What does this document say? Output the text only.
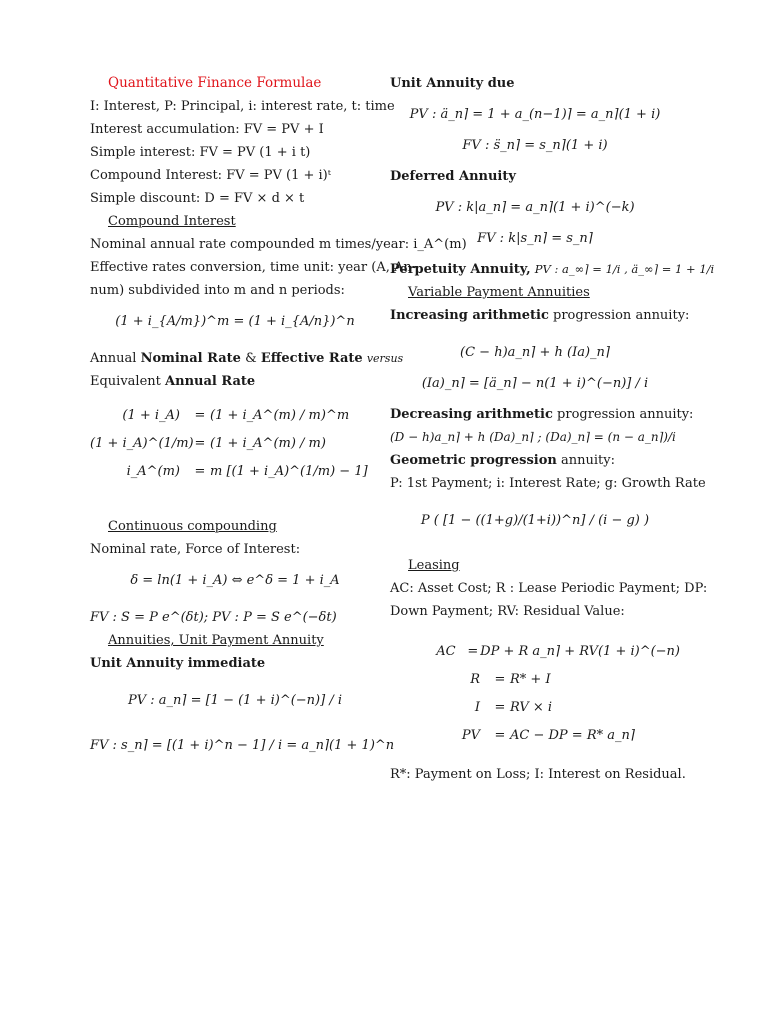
Quantitative Finance Formulae
I: Interest, P: Principal, i: interest rate, t: time
Interest accumulation: FV = PV + I
Simple interest: FV = PV (1 + i t)
Compound Interest: FV = PV (1 + i)ᵗ
Simple discount: D = FV × d × t
Compound Interest
Nominal annual rate compounded m times/year: i_A^(m)
Effective rates conversion, time unit: year (A, An-
num) subdivided into m and n periods:
(1 + i_{A/m})^m = (1 + i_{A/n})^n
Annual Nominal Rate & Effective Rate versus
Equivalent Annual Rate
(1 + i_A)	= (1 + i_A^(m) / m)^m
(1 + i_A)^(1/m) = (1 + i_A^(m) / m)
i_A^(m)	= m [(1 + i_A)^(1/m) − 1]
Continuous compounding
Nominal rate, Force of Interest:
δ = ln(1 + i_A) ⇔ e^δ = 1 + i_A
FV : S = P e^(δt); PV : P = S e^(−δt)
Annuities, Unit Payment Annuity
Unit Annuity immediate
PV : a_n⌉ = [1 − (1 + i)^(−n)] / i
FV : s_n⌉ = [(1 + i)^n − 1] / i = a_n⌉(1 + 1)^n
Unit Annuity due
PV : ä_n⌉ = 1 + a_(n−1)⌉ = a_n⌉(1 + i)
FV : s̈_n⌉ = s_n⌉(1 + i)
Deferred Annuity
PV : k|a_n⌉ = a_n⌉(1 + i)^(−k)
FV : k|s_n⌉ = s_n⌉
Perpetuity Annuity, PV : a_∞⌉ = 1/i , ä_∞⌉ = 1 + 1/i
Variable Payment Annuities
Increasing arithmetic progression annuity:
(C − h)a_n⌉ + h (Ia)_n⌉
(Ia)_n⌉ = [ä_n⌉ − n(1 + i)^(−n)] / i
Decreasing arithmetic progression annuity:
(D − h)a_n⌉ + h (Da)_n⌉ ; (Da)_n⌉ = (n − a_n⌉)/i
Geometric progression annuity:
P: 1st Payment; i: Interest Rate; g: Growth Rate
P ( [1 − ((1+g)/(1+i))^n] / (i − g) )
Leasing
AC: Asset Cost; R : Lease Periodic Payment; DP:
Down Payment; RV: Residual Value:
AC = DP + R a_n⌉ + RV(1 + i)^(−n)
R	= R* + I
I	= RV × i
PV	= AC − DP = R* a_n⌉
R*: Payment on Loss; I: Interest on Residual.
